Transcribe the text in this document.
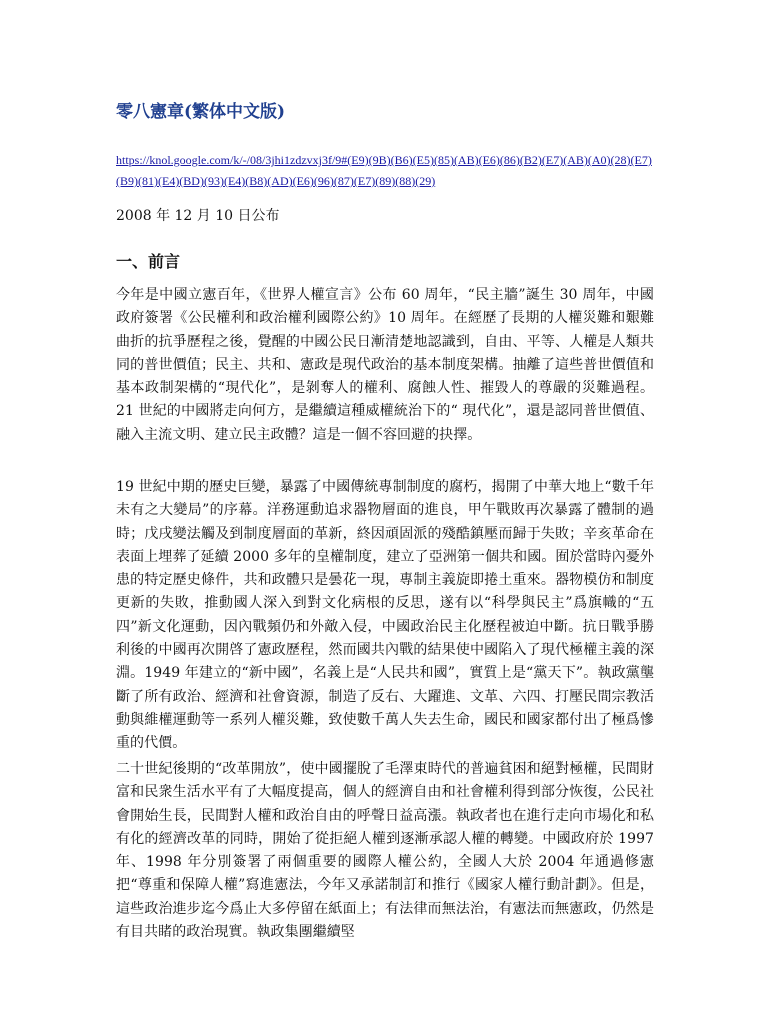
零八憲章(繁体中文版)
https://knol.google.com/k/-/08/3jhi1zdzvxj3f/9#(E9)(9B)(B6)(E5)(85)(AB)(E6)(86)(B2)(E7)(AB)(A0)(28)(E7)(B9)(81)(E4)(BD)(93)(E4)(B8)(AD)(E6)(96)(87)(E7)(89)(88)(29)
2008 年 12 月 10 日公布
一、前言

今年是中國立憲百年，《世界人權宣言》公布 60 周年，“民主牆”誕生 30 周年，中國政府簽署《公民權利和政治權利國際公約》10 周年。在經歷了長期的人權災難和艱難曲折的抗爭歷程之後，覺醒的中國公民日漸清楚地認識到，自由、平等、人權是人類共同的普世價值；民主、共和、憲政是現代政治的基本制度架構。抽離了這些普世價值和基本政制架構的“現代化”，是剝奪人的權利、腐蝕人性、摧毀人的尊嚴的災難過程。21 世紀的中國將走向何方，是繼續這種威權統治下的“ 現代化”，還是認同普世價值、融入主流文明、建立民主政體？這是一個不容回避的抉擇。

19 世紀中期的歷史巨變，暴露了中國傳統專制制度的腐朽，揭開了中華大地上“數千年未有之大變局”的序幕。洋務運動追求器物層面的進良，甲午戰敗再次暴露了體制的過時；戊戌變法觸及到制度層面的革新，終因頑固派的殘酷鎮壓而歸于失敗；辛亥革命在表面上埋葬了延續 2000 多年的皇權制度，建立了亞洲第一個共和國。囿於當時內憂外患的特定歷史條件，共和政體只是曇花一現，專制主義旋即捲土重來。器物模仿和制度更新的失敗，推動國人深入到對文化病根的反思，遂有以“科學與民主”爲旗幟的“五四”新文化運動，因內戰頻仍和外敵入侵，中國政治民主化歷程被迫中斷。抗日戰爭勝利後的中國再次開啓了憲政歷程，然而國共內戰的結果使中國陷入了現代極權主義的深淵。1949 年建立的“新中國”，名義上是“人民共和國”，實質上是“黨天下”。執政黨壟斷了所有政治、經濟和社會資源，制造了反右、大躍進、文革、六四、打壓民間宗教活動與維權運動等一系列人權災難，致使數千萬人失去生命，國民和國家都付出了極爲慘重的代價。

二十世紀後期的“改革開放”，使中國擺脫了毛澤東時代的普遍貧困和絕對極權，民間財富和民衆生活水平有了大幅度提高，個人的經濟自由和社會權利得到部分恢復，公民社會開始生長，民間對人權和政治自由的呼聲日益高漲。執政者也在進行走向市場化和私有化的經濟改革的同時，開始了從拒絕人權到逐漸承認人權的轉變。中國政府於 1997 年、1998 年分別簽署了兩個重要的國際人權公約，全國人大於 2004 年通過修憲把“尊重和保障人權”寫進憲法，今年又承諾制訂和推行《國家人權行動計劃》。但是，這些政治進步迄今爲止大多停留在紙面上；有法律而無法治，有憲法而無憲政，仍然是有目共睹的政治現實。執政集團繼續堅
